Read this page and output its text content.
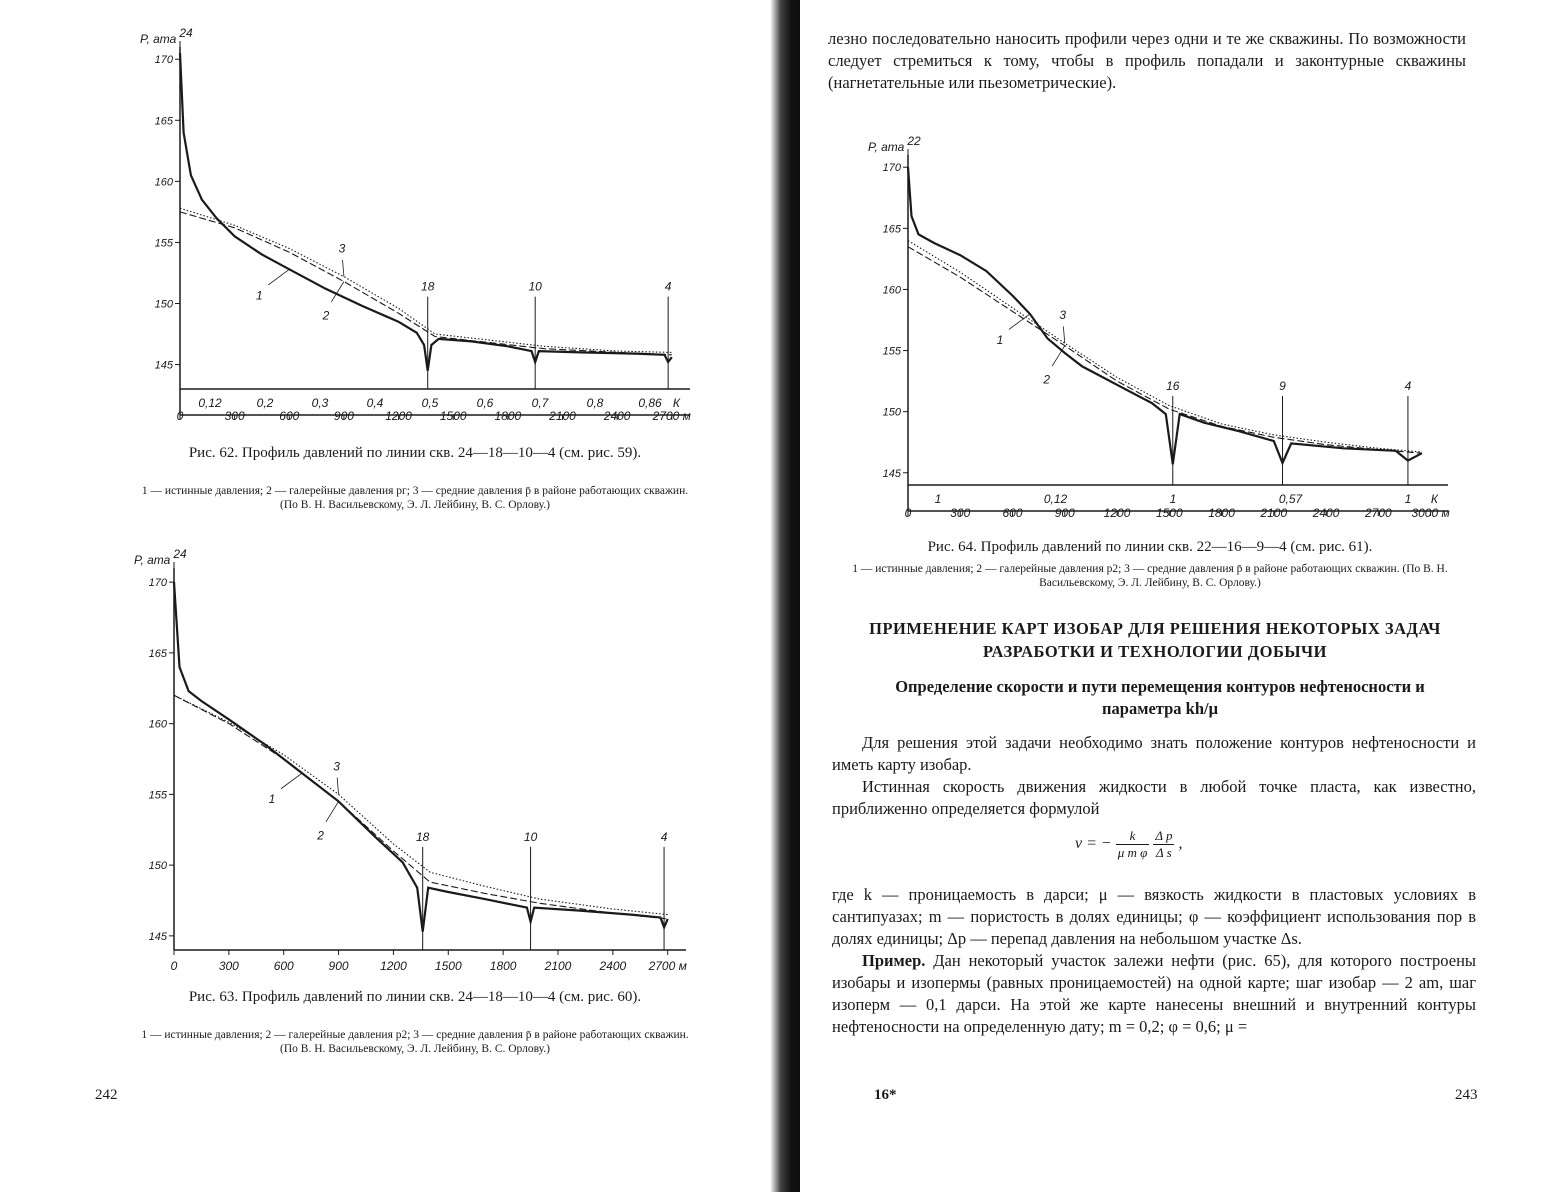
170
165
160
155
150
145
P, ата
0	300	600	900	1200 1500 1800 2100 2400 2700 м
0,12	0,2	0,3	0,4	0,5	0,6	0,7	0,8	0,86 К
24
18	10	4
1
2
3
Рис. 62. Профиль давлений по линии скв. 24—18—10—4 (см. рис. 59).
1 — истинные давления; 2 — галерейные давления pг; 3 — средние давления p̄ в районе работающих скважин. (По В. Н. Васильевскому, Э. Л. Лейбину, В. С. Орлову.)
170
165
160
155
150
145
P, ата
0	300	600	900	1200 1500 1800 2100 2400 2700 м
24
18	10	4
1
2
3
Рис. 63. Профиль давлений по линии скв. 24—18—10—4 (см. рис. 60).
1 — истинные давления; 2 — галерейные давления p2; 3 — средние давления p̄ в районе работающих скважин. (По В. Н. Васильевскому, Э. Л. Лейбину, В. С. Орлову.)
242
лезно последовательно наносить профили через одни и те же скважины. По возможности следует стремиться к тому, чтобы в профиль попадали и законтурные скважины (нагнетательные или пьезометрические).
170
165
160
155
150
145
P, ата
0	300	600	900 1200 1500 1800 2100 2400 2700 3000 м
1	0,12	1	0,57	1 К
22
16	9	4
1
2
3
Рис. 64. Профиль давлений по линии скв. 22—16—9—4 (см. рис. 61).
1 — истинные давления; 2 — галерейные давления p2; 3 — средние давления p̄ в районе работающих скважин. (По В. Н. Васильевскому, Э. Л. Лейбину, В. С. Орлову.)
ПРИМЕНЕНИЕ КАРТ ИЗОБАР ДЛЯ РЕШЕНИЯ НЕКОТОРЫХ ЗАДАЧ РАЗРАБОТКИ И ТЕХНОЛОГИИ ДОБЫЧИ
Определение скорости и пути перемещения контуров нефтеносности и параметра kh/μ

Для решения этой задачи необходимо знать положение контуров нефтеносности и иметь карту изобар.

Истинная скорость движения жидкости в любой точке пласта, как известно, приближенно определяется формулой

v = − $\frac{k}{\text{μ m φ}}$
$\frac{\text{Δ p}}{\text{Δ s}}$ ,

где k — проницаемость в дарси; μ — вязкость жидкости в пластовых условиях в сантипуазах; m — пористость в долях единицы; φ — коэффициент использования пор в долях единицы; Δp — перепад давления на небольшом участке Δs.

Пример. Дан некоторый участок залежи нефти (рис. 65), для которого построены изобары и изопермы (равных проницаемостей) на одной карте; шаг изобар — 2 am, шаг изоперм — 0,1 дарси. На этой же карте нанесены внешний и внутренний контуры нефтеносности на определенную дату; m = 0,2; φ = 0,6; μ =

16*	243
